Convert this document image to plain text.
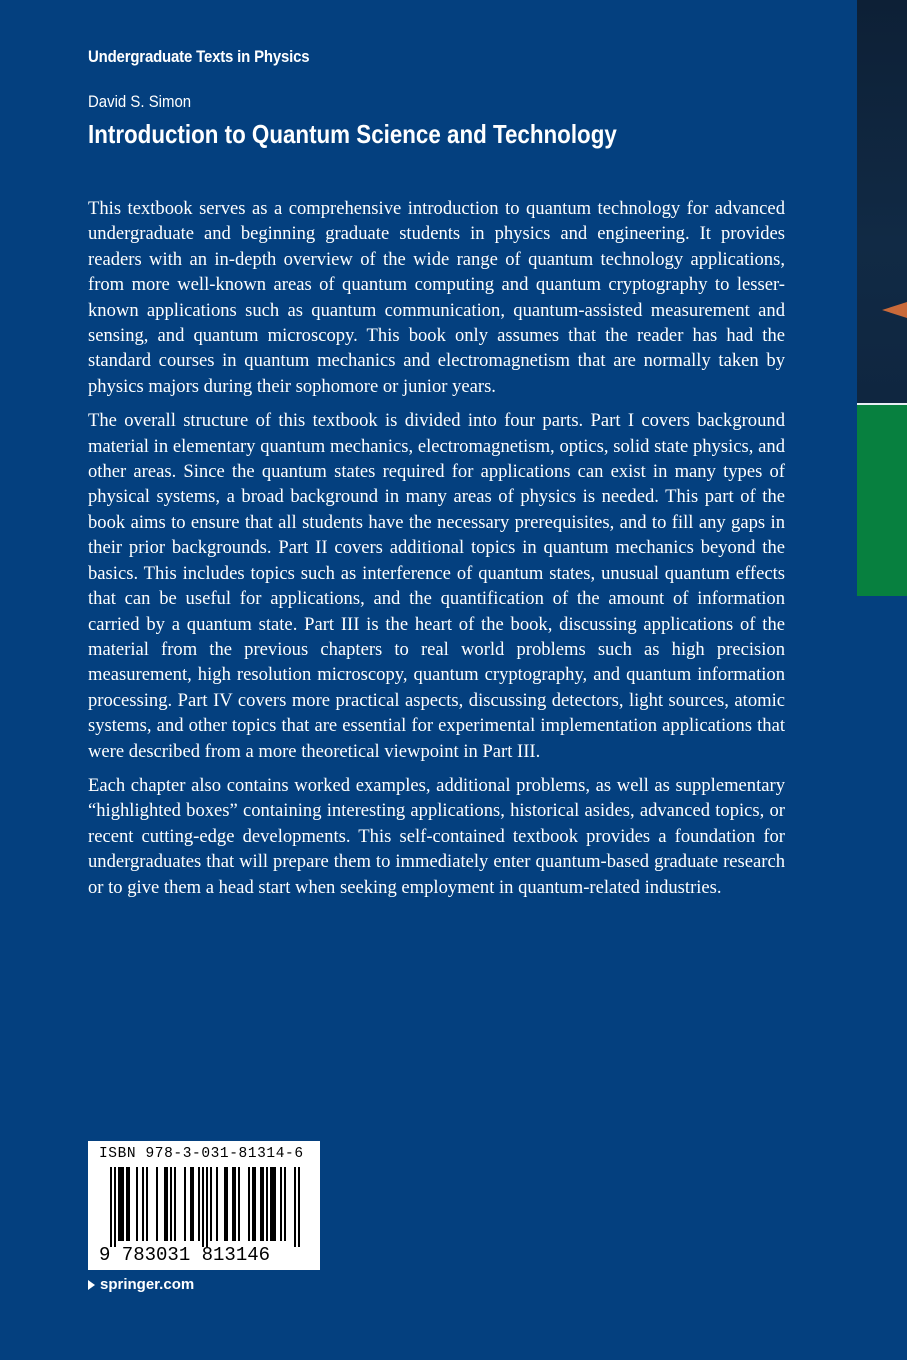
Undergraduate Texts in Physics
David S. Simon
Introduction to Quantum Science and Technology

This textbook serves as a comprehensive introduction to quantum technology for advanced undergraduate and beginning graduate students in physics and engineering. It provides readers with an in-depth overview of the wide range of quantum technology applications, from more well-known areas of quantum computing and quantum cryptography to lesser-known applications such as quantum communication, quantum-assisted measurement and sensing, and quantum microscopy. This book only assumes that the reader has had the standard courses in quantum mechanics and electromagnetism that are normally taken by physics majors during their sophomore or junior years.

The overall structure of this textbook is divided into four parts. Part I covers background material in elementary quantum mechanics, electromagnetism, optics, solid state physics, and other areas. Since the quantum states required for applications can exist in many types of physical systems, a broad background in many areas of physics is needed. This part of the book aims to ensure that all students have the necessary prerequisites, and to fill any gaps in their prior backgrounds. Part II covers additional topics in quantum mechanics beyond the basics. This includes topics such as interference of quantum states, unusual quantum effects that can be useful for applications, and the quantification of the amount of information carried by a quantum state. Part III is the heart of the book, discussing applications of the material from the previous chapters to real world problems such as high precision measurement, high resolution microscopy, quantum cryptography, and quantum information processing. Part IV covers more practical aspects, discussing detectors, light sources, atomic systems, and other topics that are essential for experimental implementation applications that were described from a more theoretical viewpoint in Part III.

Each chapter also contains worked examples, additional problems, as well as supplementary “highlighted boxes” containing interesting applications, historical asides, advanced topics, or recent cutting-edge developments. This self-contained textbook provides a foundation for undergraduates that will prepare them to immediately enter quantum-based graduate research or to give them a head start when seeking employment in quantum-related industries.

ISBN 978-3-031-81314-6
9 783031 813146
springer.com
